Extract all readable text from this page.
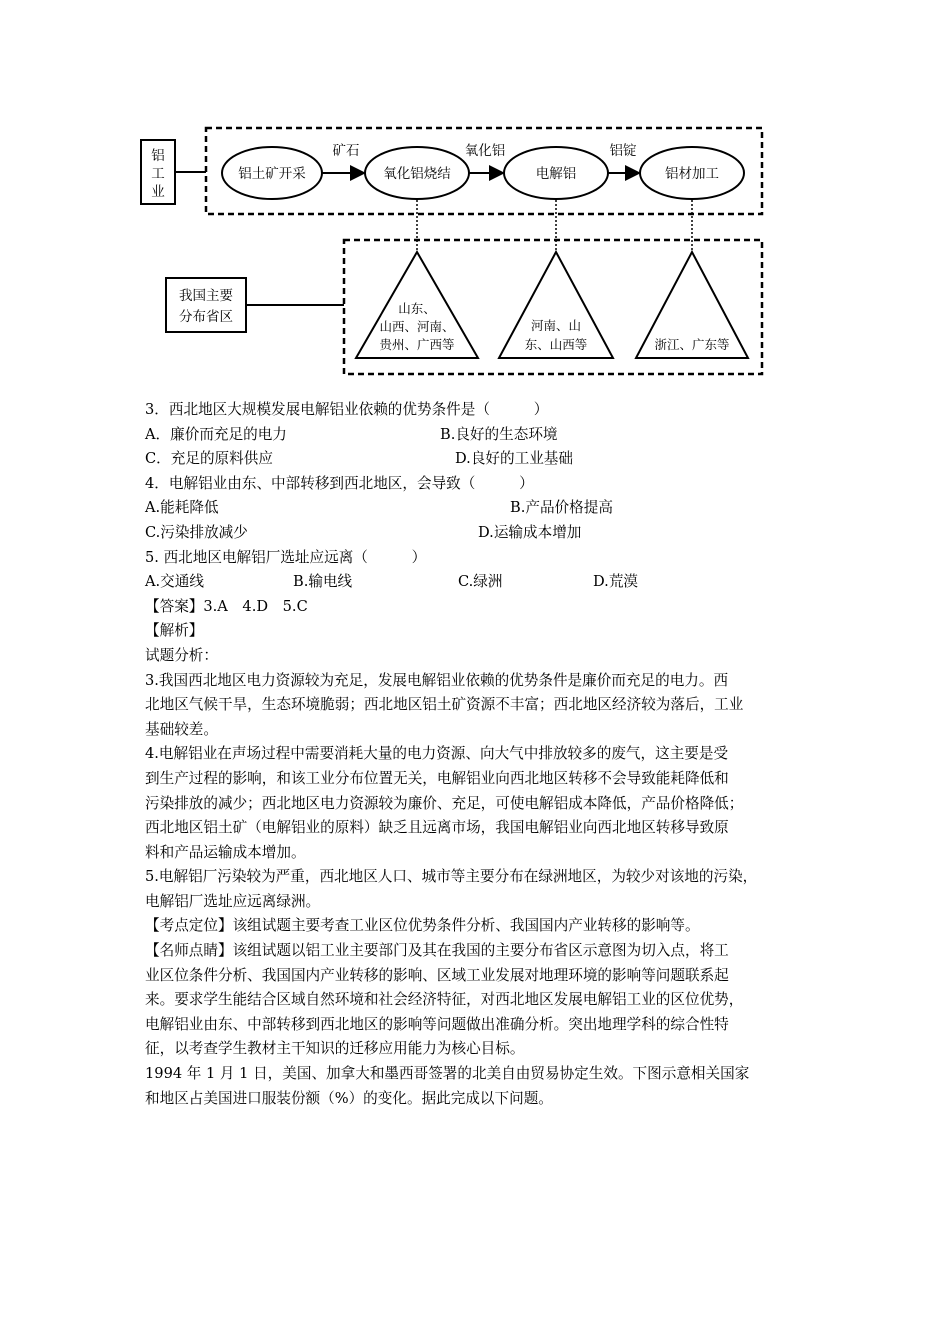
铝
工
业
铝土矿开采	氧化铝烧结	电解铝	铝材加工
矿石	氧化铝	铝锭
我国主要
分布省区
山东、
山西、河南、
贵州、广西等
河南、山
东、山西等	浙江、广东等
3．西北地区大规模发展电解铝业依赖的优势条件是（　　　）
A．廉价而充足的电力	B.良好的生态环境
C．充足的原料供应	D.良好的工业基础
4．电解铝业由东、中部转移到西北地区，会导致（　　　）
A.能耗降低	B.产品价格提高
C.污染排放减少	D.运输成本增加
5. 西北地区电解铝厂选址应远离（　　　）
A.交通线	B.输电线	C.绿洲	D.荒漠
【答案】3.A　4.D　5.C
【解析】
试题分析：
3.我国西北地区电力资源较为充足，发展电解铝业依赖的优势条件是廉价而充足的电力。西
北地区气候干旱，生态环境脆弱；西北地区铝土矿资源不丰富；西北地区经济较为落后，工业
基础较差。
4.电解铝业在声场过程中需要消耗大量的电力资源、向大气中排放较多的废气，这主要是受
到生产过程的影响，和该工业分布位置无关，电解铝业向西北地区转移不会导致能耗降低和
污染排放的减少；西北地区电力资源较为廉价、充足，可使电解铝成本降低，产品价格降低；
西北地区铝土矿（电解铝业的原料）缺乏且远离市场，我国电解铝业向西北地区转移导致原
料和产品运输成本增加。
5.电解铝厂污染较为严重，西北地区人口、城市等主要分布在绿洲地区，为较少对该地的污染，
电解铝厂选址应远离绿洲。
【考点定位】该组试题主要考查工业区位优势条件分析、我国国内产业转移的影响等。
【名师点睛】该组试题以铝工业主要部门及其在我国的主要分布省区示意图为切入点，将工
业区位条件分析、我国国内产业转移的影响、区域工业发展对地理环境的影响等问题联系起
来。要求学生能结合区域自然环境和社会经济特征，对西北地区发展电解铝工业的区位优势，
电解铝业由东、中部转移到西北地区的影响等问题做出准确分析。突出地理学科的综合性特
征，以考查学生教材主干知识的迁移应用能力为核心目标。
1994 年 1 月 1 日，美国、加拿大和墨西哥签署的北美自由贸易协定生效。下图示意相关国家
和地区占美国进口服装份额（%）的变化。据此完成以下问题。
